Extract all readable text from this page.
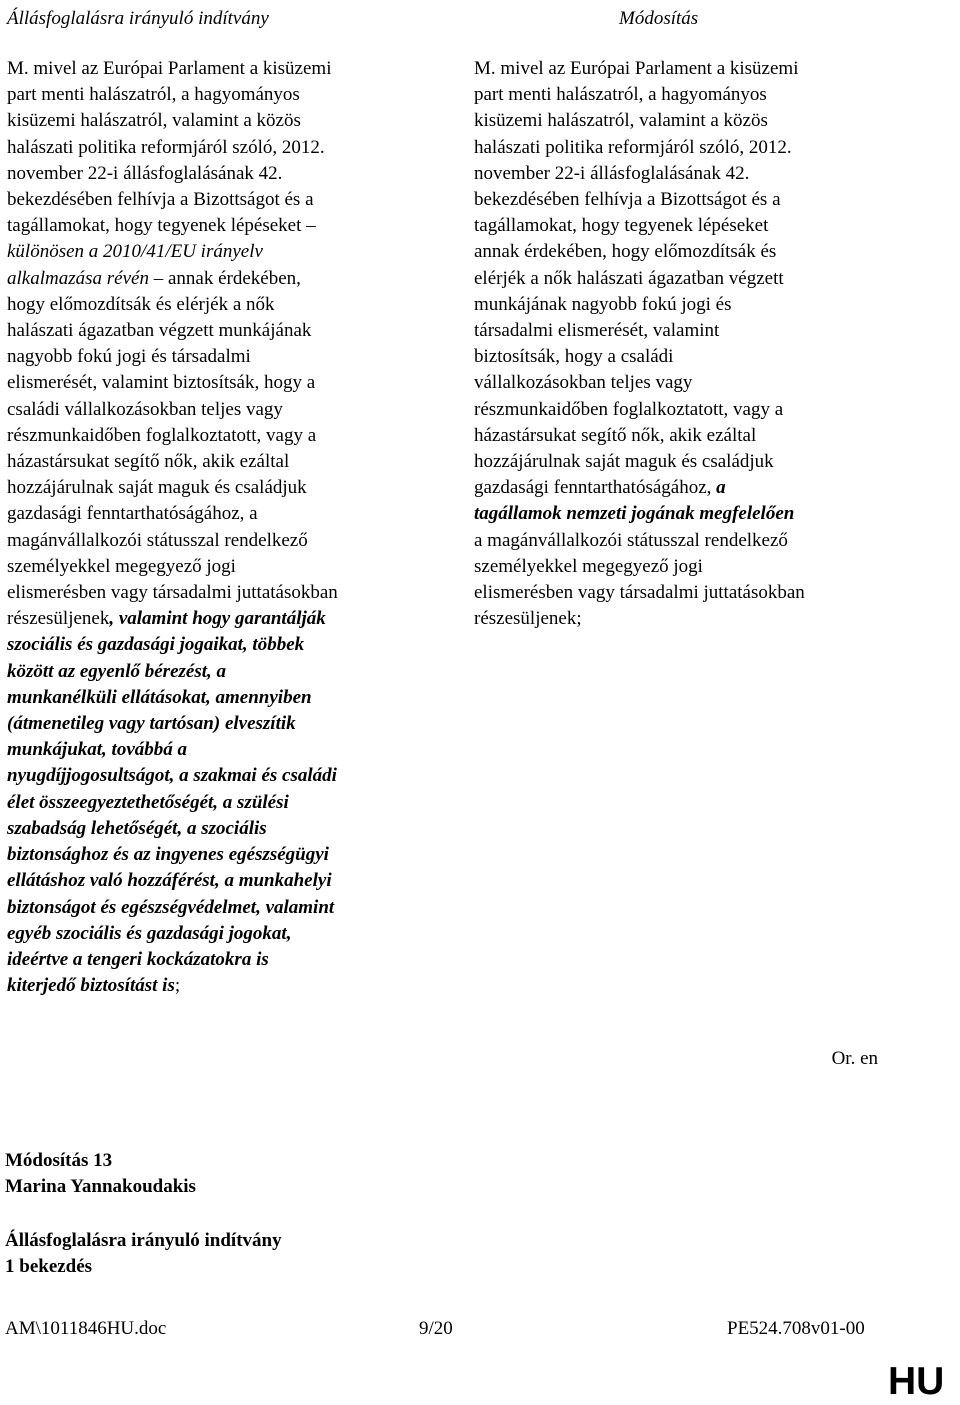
Állásfoglalásra irányuló indítvány	Módosítás
M. mivel az Európai Parlament a kisüzemi
part menti halászatról, a hagyományos
kisüzemi halászatról, valamint a közös
halászati politika reformjáról szóló, 2012.
november 22-i állásfoglalásának 42.
bekezdésében felhívja a Bizottságot és a
tagállamokat, hogy tegyenek lépéseket –
különösen a 2010/41/EU irányelv
alkalmazása révén – annak érdekében,
hogy előmozdítsák és elérjék a nők
halászati ágazatban végzett munkájának
nagyobb fokú jogi és társadalmi
elismerését, valamint biztosítsák, hogy a
családi vállalkozásokban teljes vagy
részmunkaidőben foglalkoztatott, vagy a
házastársukat segítő nők, akik ezáltal
hozzájárulnak saját maguk és családjuk
gazdasági fenntarthatóságához, a
magánvállalkozói státusszal rendelkező
személyekkel megegyező jogi
elismerésben vagy társadalmi juttatásokban
részesüljenek, valamint hogy garantálják
szociális és gazdasági jogaikat, többek
között az egyenlő bérezést, a
munkanélküli ellátásokat, amennyiben
(átmenetileg vagy tartósan) elveszítik
munkájukat, továbbá a
nyugdíjjogosultságot, a szakmai és családi
élet összeegyeztethetőségét, a szülési
szabadság lehetőségét, a szociális
biztonsághoz és az ingyenes egészségügyi
ellátáshoz való hozzáférést, a munkahelyi
biztonságot és egészségvédelmet, valamint
egyéb szociális és gazdasági jogokat,
ideértve a tengeri kockázatokra is
kiterjedő biztosítást is;
M. mivel az Európai Parlament a kisüzemi
part menti halászatról, a hagyományos
kisüzemi halászatról, valamint a közös
halászati politika reformjáról szóló, 2012.
november 22-i állásfoglalásának 42.
bekezdésében felhívja a Bizottságot és a
tagállamokat, hogy tegyenek lépéseket
annak érdekében, hogy előmozdítsák és
elérjék a nők halászati ágazatban végzett
munkájának nagyobb fokú jogi és
társadalmi elismerését, valamint
biztosítsák, hogy a családi
vállalkozásokban teljes vagy
részmunkaidőben foglalkoztatott, vagy a
házastársukat segítő nők, akik ezáltal
hozzájárulnak saját maguk és családjuk
gazdasági fenntarthatóságához, a
tagállamok nemzeti jogának megfelelően
a magánvállalkozói státusszal rendelkező
személyekkel megegyező jogi
elismerésben vagy társadalmi juttatásokban
részesüljenek;
Or. en
Módosítás 13
Marina Yannakoudakis
Állásfoglalásra irányuló indítvány
1 bekezdés
AM\1011846HU.doc	9/20	PE524.708v01-00
HU
